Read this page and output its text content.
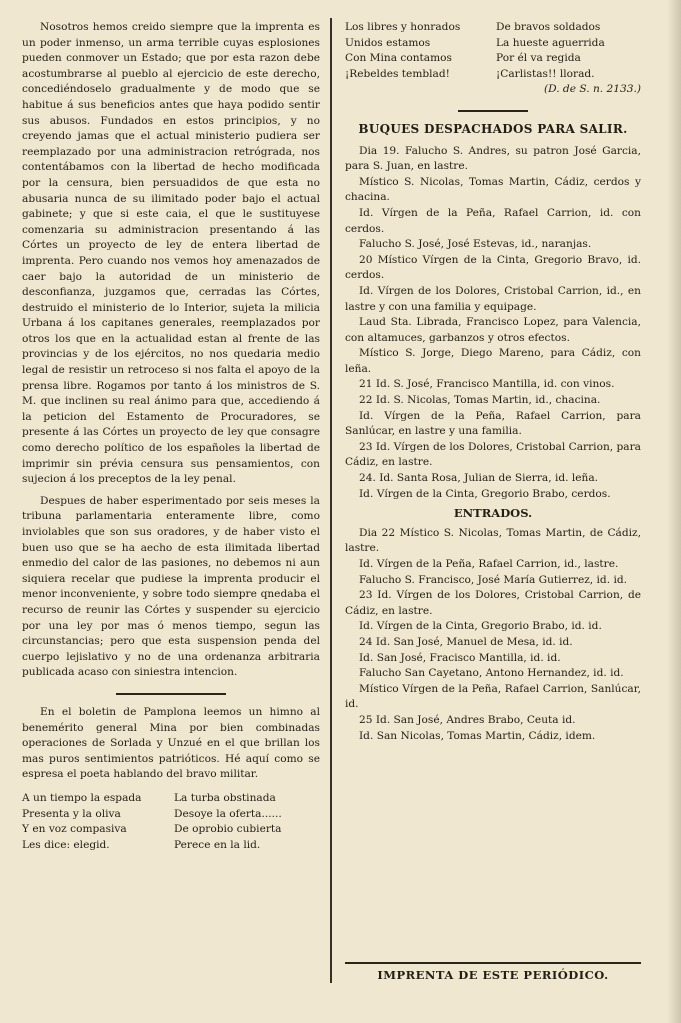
Nosotros hemos creido siempre que la imprenta es un poder inmenso, un arma terrible cuyas esplosiones pueden conmover un Estado; que por esta razon debe acostumbrarse al pueblo al ejercicio de este derecho, concediéndoselo gradualmente y de modo que se habitue á sus beneficios antes que haya podido sentir sus abusos. Fundados en estos principios, y no creyendo jamas que el actual ministerio pudiera ser reemplazado por una administracion retrógrada, nos contentábamos con la libertad de hecho modificada por la censura, bien persuadidos de que esta no abusaria nunca de su ilimitado poder bajo el actual gabinete; y que si este caia, el que le sustituyese comenzaria su administracion presentando á las Córtes un proyecto de ley de entera libertad de imprenta. Pero cuando nos vemos hoy amenazados de caer bajo la autoridad de un ministerio de desconfianza, juzgamos que, cerradas las Córtes, destruido el ministerio de lo Interior, sujeta la milicia Urbana á los capitanes generales, reemplazados por otros los que en la actualidad estan al frente de las provincias y de los ejércitos, no nos quedaria medio legal de resistir un retroceso si nos falta el apoyo de la prensa libre. Rogamos por tanto á los ministros de S. M. que inclinen su real ánimo para que, accediendo á la peticion del Estamento de Procuradores, se presente á las Córtes un proyecto de ley que consagre como derecho político de los españoles la libertad de imprimir sin prévia censura sus pensamientos, con sujecion á los preceptos de la ley penal.

Despues de haber esperimentado por seis meses la tribuna parlamentaria enteramente libre, como inviolables que son sus oradores, y de haber visto el buen uso que se ha aecho de esta ilimitada libertad enmedio del calor de las pasiones, no debemos ni aun siquiera recelar que pudiese la imprenta producir el menor inconveniente, y sobre todo siempre qnedaba el recurso de reunir las Córtes y suspender su ejercicio por una ley por mas ó menos tiempo, segun las circunstancias; pero que esta suspension penda del cuerpo lejislativo y no de una ordenanza arbitraria publicada acaso con siniestra intencion.

En el boletin de Pamplona leemos un himno al benemérito general Mina por bien combinadas operaciones de Sorlada y Unzué en el que brillan los mas puros sentimientos patrióticos. Hé aquí como se espresa el poeta hablando del bravo militar.

A un tiempo la espada	La turba obstinada
Presenta y la oliva	Desoye la oferta......
Y en voz compasiva	De oprobio cubierta
Les dice: elegid.	Perece en la lid.
Los libres y honrados	De bravos soldados
Unidos estamos	La hueste aguerrida
Con Mina contamos	Por él va regida
¡Rebeldes temblad!	¡Carlistas!! llorad.
(D. de S. n. 2133.)
BUQUES DESPACHADOS PARA SALIR.

Dia 19. Falucho S. Andres, su patron José Garcia, para S. Juan, en lastre.

Místico S. Nicolas, Tomas Martin, Cádiz, cerdos y chacina.

Id. Vírgen de la Peña, Rafael Carrion, id. con cerdos.

Falucho S. José, José Estevas, id., naranjas.

20 Místico Vírgen de la Cinta, Gregorio Bravo, id. cerdos.

Id. Vírgen de los Dolores, Cristobal Carrion, id., en lastre y con una familia y equipage.

Laud Sta. Librada, Francisco Lopez, para Valencia, con altamuces, garbanzos y otros efectos.

Místico S. Jorge, Diego Mareno, para Cádiz, con leña.

21 Id. S. José, Francisco Mantilla, id. con vinos.

22 Id. S. Nicolas, Tomas Martin, id., chacina.

Id. Vírgen de la Peña, Rafael Carrion, para Sanlúcar, en lastre y una familia.

23 Id. Vírgen de los Dolores, Cristobal Carrion, para Cádiz, en lastre.

24. Id. Santa Rosa, Julian de Sierra, id. leña.

Id. Vírgen de la Cinta, Gregorio Brabo, cerdos.

ENTRADOS.

Dia 22 Místico S. Nicolas, Tomas Martin, de Cádiz, lastre.

Id. Vírgen de la Peña, Rafael Carrion, id., lastre.

Falucho S. Francisco, José María Gutierrez, id. id.

23 Id. Vírgen de los Dolores, Cristobal Carrion, de Cádiz, en lastre.

Id. Vírgen de la Cinta, Gregorio Brabo, id. id.

24 Id. San José, Manuel de Mesa, id. id.

Id. San José, Fracisco Mantilla, id. id.

Falucho San Cayetano, Antono Hernandez, id. id.

Místico Vírgen de la Peña, Rafael Carrion, Sanlúcar, id.

25 Id. San José, Andres Brabo, Ceuta id.

Id. San Nicolas, Tomas Martin, Cádiz, idem.

IMPRENTA DE ESTE PERIÓDICO.
